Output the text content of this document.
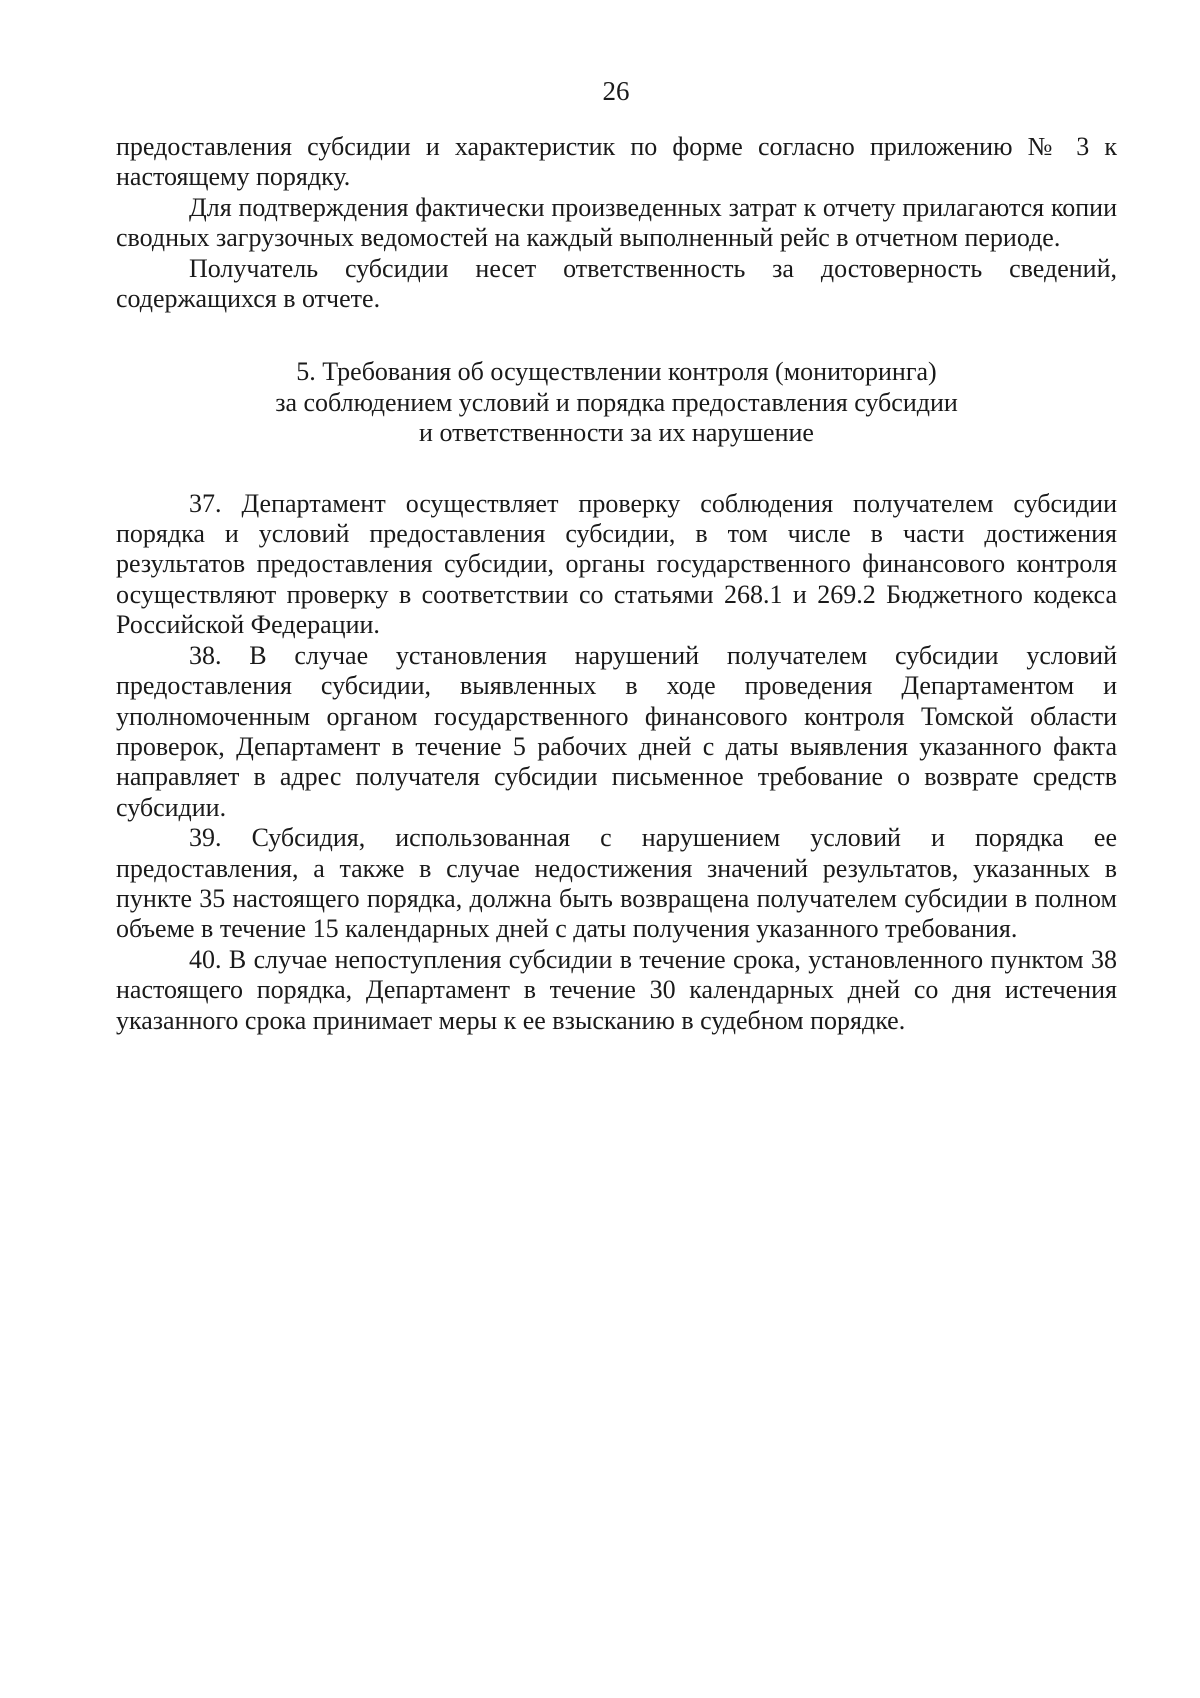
26

предоставления субсидии и характеристик по форме согласно приложению № 3 к настоящему порядку.

Для подтверждения фактически произведенных затрат к отчету прилагаются копии сводных загрузочных ведомостей на каждый выполненный рейс в отчетном периоде.

Получатель субсидии несет ответственность за достоверность сведений, содержащихся в отчете.

5. Требования об осуществлении контроля (мониторинга)
за соблюдением условий и порядка предоставления субсидии
и ответственности за их нарушение

37. Департамент осуществляет проверку соблюдения получателем субсидии порядка и условий предоставления субсидии, в том числе в части достижения результатов предоставления субсидии, органы государственного финансового контроля осуществляют проверку в соответствии со статьями 268.1 и 269.2 Бюджетного кодекса Российской Федерации.

38. В случае установления нарушений получателем субсидии условий предоставления субсидии, выявленных в ходе проведения Департаментом и уполномоченным органом государственного финансового контроля Томской области проверок, Департамент в течение 5 рабочих дней с даты выявления указанного факта направляет в адрес получателя субсидии письменное требование о возврате средств субсидии.

39. Субсидия, использованная с нарушением условий и порядка ее предоставления, а также в случае недостижения значений результатов, указанных в пункте 35 настоящего порядка, должна быть возвращена получателем субсидии в полном объеме в течение 15 календарных дней с даты получения указанного требования.

40. В случае непоступления субсидии в течение срока, установленного пунктом 38 настоящего порядка, Департамент в течение 30 календарных дней со дня истечения указанного срока принимает меры к ее взысканию в судебном порядке.
